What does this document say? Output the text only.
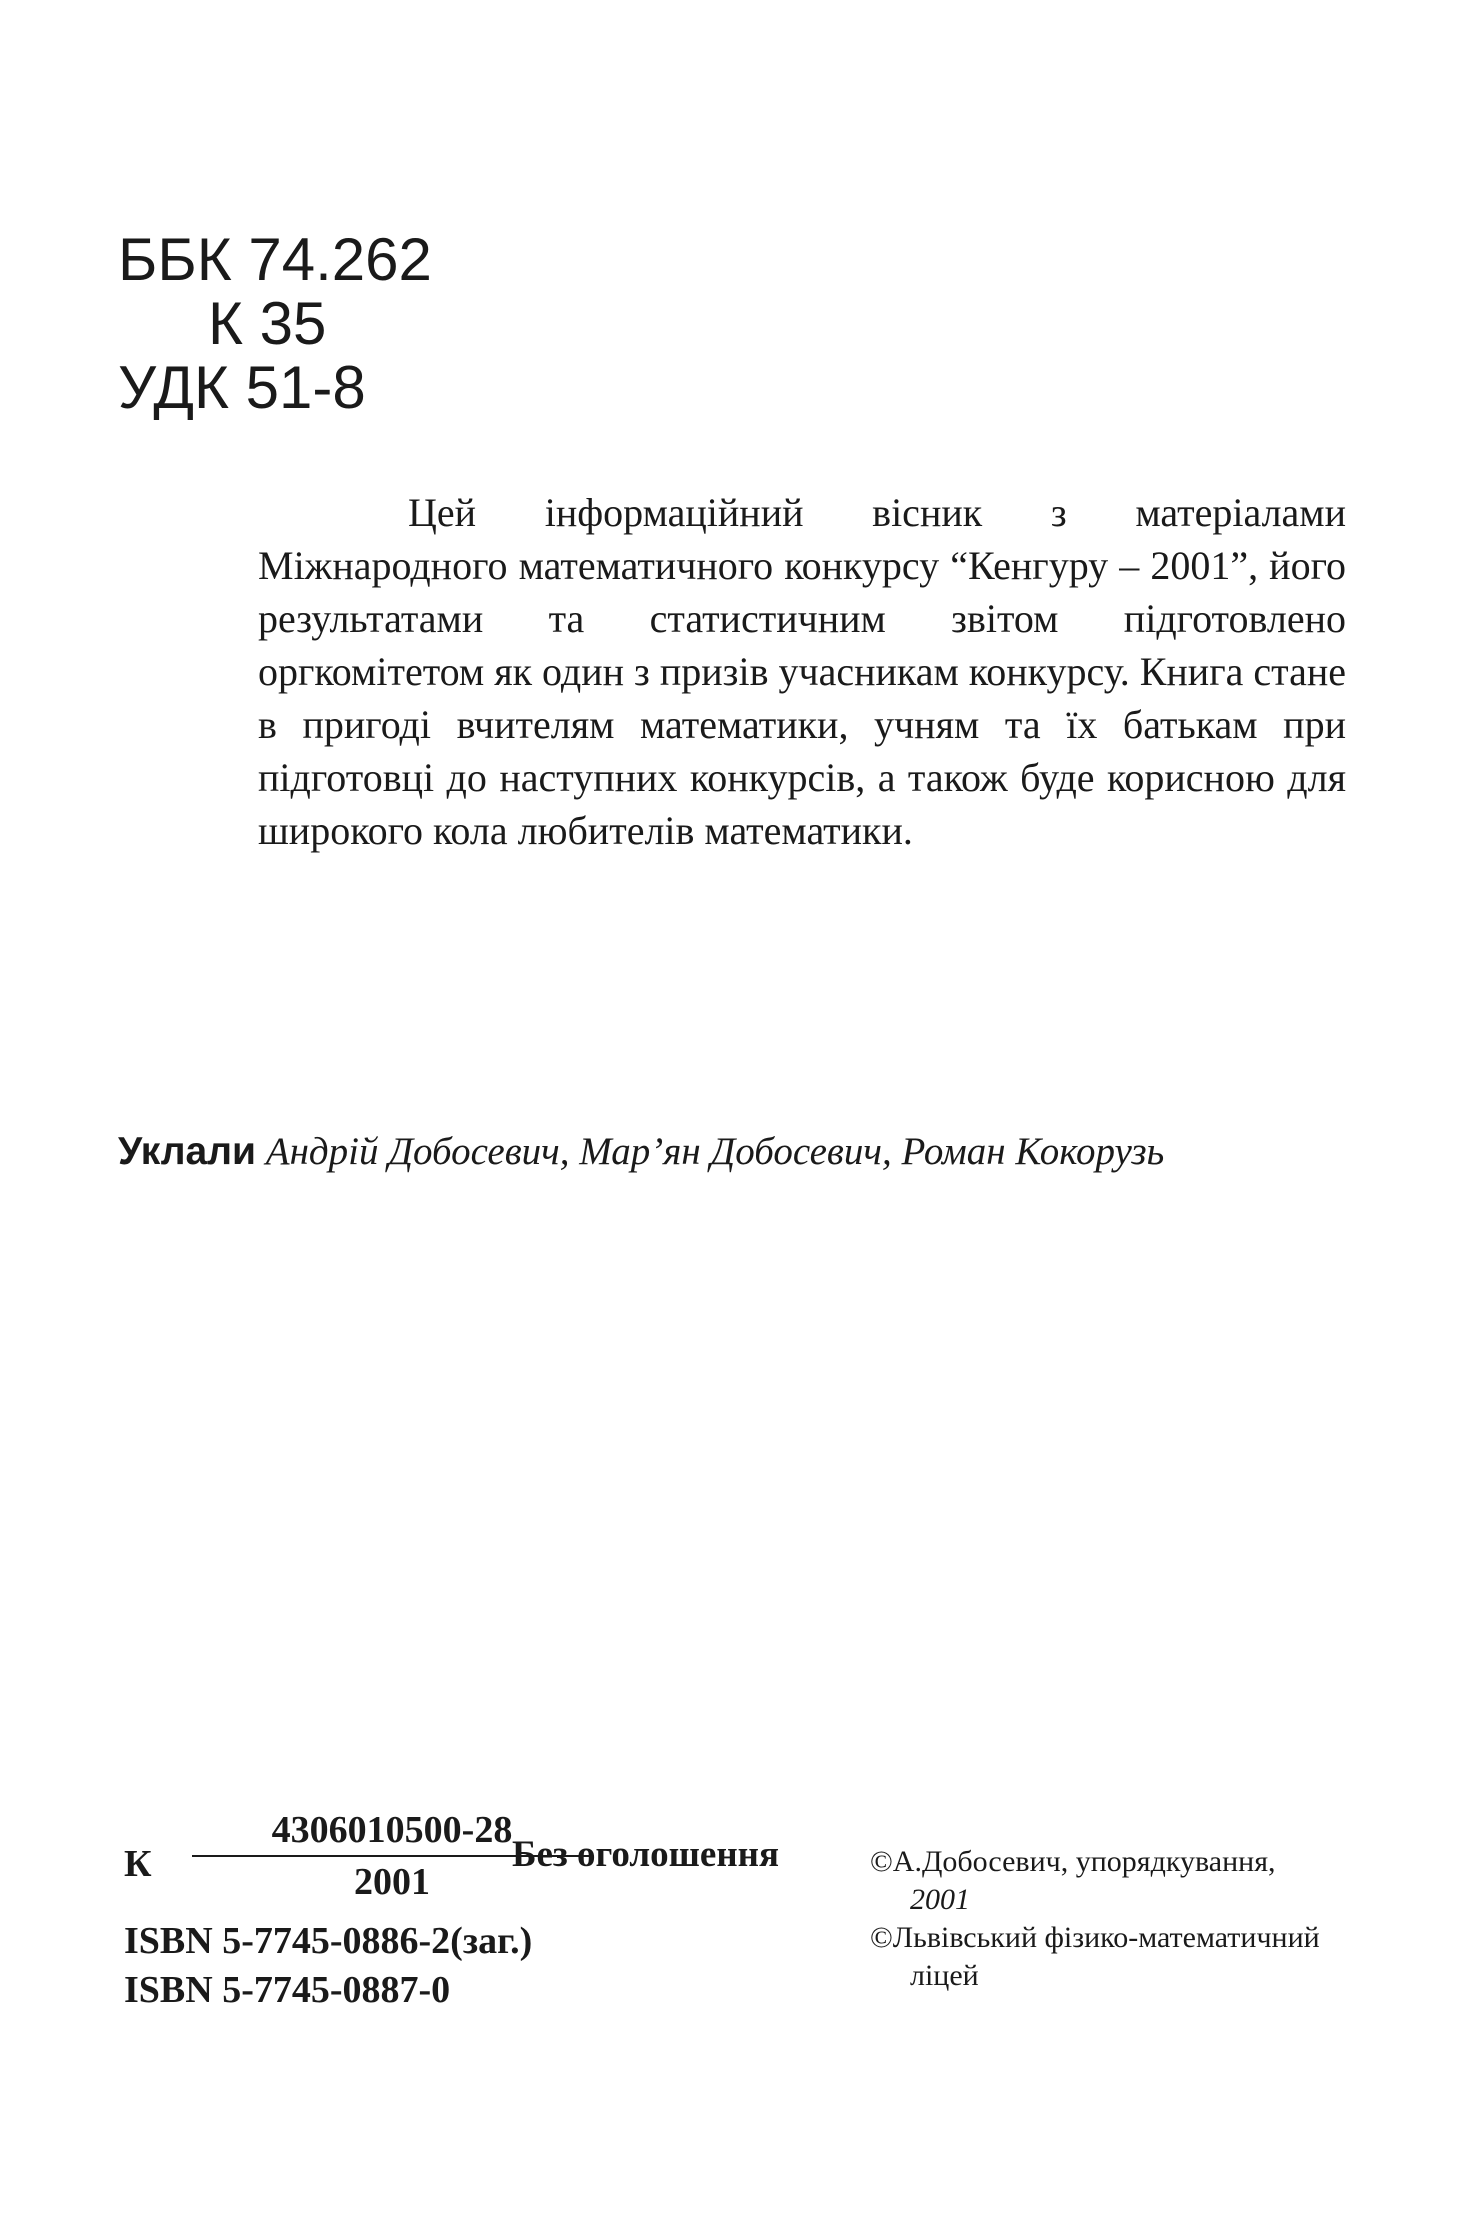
ББК 74.262
К 35
УДК 51-8

Цей інформаційний вісник з матеріалами Міжнародного математичного конкурсу “Кенгуру – 2001”, його результатами та статистичним звітом підготовлено оргкомітетом як один з призів учасникам конкурсу. Книга стане в пригоді вчителям математики, учням та їх батькам при підготовці до наступних конкурсів, а також буде корисною для широкого кола любителів математики.

Уклали Андрій Добосевич, Мар’ян Добосевич, Роман Кокорузь
К
4306010500-28
2001
Без оголошення
ISBN 5-7745-0886-2(заг.)
ISBN 5-7745-0887-0
©А.Добосевич, упорядкування,
2001
©Львівський фізико-математичний
ліцей
